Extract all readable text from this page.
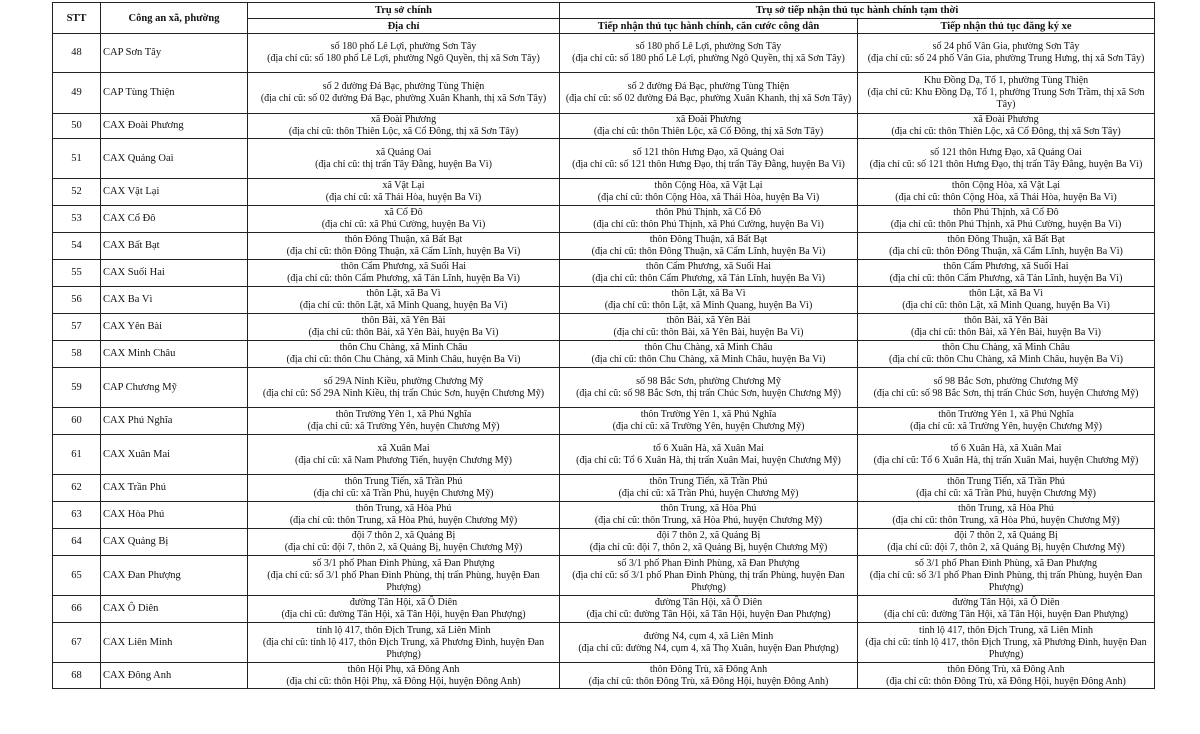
STT	Công an xã, phường	Trụ sở chính	Trụ sở tiếp nhận thủ tục hành chính tạm thời	
		Địa chỉ	Tiếp nhận thủ tục hành chính, căn cước công dân	Tiếp nhận thủ tục đăng ký xe
48	CAP Sơn Tây	số 180 phố Lê Lợi, phường Sơn Tây
(địa chỉ cũ: số 180 phố Lê Lợi, phường Ngô Quyền, thị xã Sơn Tây)	số 180 phố Lê Lợi, phường Sơn Tây
(địa chỉ cũ: số 180 phố Lê Lợi, phường Ngô Quyền, thị xã Sơn Tây)	số 24 phố Vân Gia, phường Sơn Tây
(địa chỉ cũ: số 24 phố Vân Gia, phường Trung Hưng, thị xã Sơn Tây)

49	CAP Tùng Thiện	số 2 đường Đá Bạc, phường Tùng Thiện
(địa chỉ cũ: số 02 đường Đá Bạc, phường Xuân Khanh, thị xã Sơn Tây)	số 2 đường Đá Bạc, phường Tùng Thiện
(địa chỉ cũ: số 02 đường Đá Bạc, phường Xuân Khanh, thị xã Sơn Tây)	Khu Đồng Dạ, Tổ 1, phường Tùng Thiện
(địa chỉ cũ: Khu Đồng Dạ, Tổ 1, phường Trung Sơn Trầm, thị xã Sơn Tây)

50	CAX Đoài Phương	xã Đoài Phương
(địa chỉ cũ: thôn Thiên Lộc, xã Cổ Đông, thị xã Sơn Tây)	xã Đoài Phương
(địa chỉ cũ: thôn Thiên Lộc, xã Cổ Đông, thị xã Sơn Tây)	xã Đoài Phương
(địa chỉ cũ: thôn Thiên Lộc, xã Cổ Đông, thị xã Sơn Tây)

51	CAX Quảng Oai	xã Quảng Oai
(địa chỉ cũ: thị trấn Tây Đằng, huyện Ba Vì)	số 121 thôn Hưng Đạo, xã Quảng Oai
(địa chỉ cũ: số 121 thôn Hưng Đạo, thị trấn Tây Đằng, huyện Ba Vì)	số 121 thôn Hưng Đạo, xã Quảng Oai
(địa chỉ cũ: số 121 thôn Hưng Đạo, thị trấn Tây Đằng, huyện Ba Vì)

52	CAX Vật Lại	xã Vật Lại
(địa chỉ cũ: xã Thái Hòa, huyện Ba Vì)	thôn Cộng Hòa, xã Vật Lại
(địa chỉ cũ: thôn Cộng Hòa, xã Thái Hòa, huyện Ba Vì)	thôn Cộng Hòa, xã Vật Lại
(địa chỉ cũ: thôn Cộng Hòa, xã Thái Hòa, huyện Ba Vì)

53	CAX Cổ Đô	xã Cổ Đô
(địa chỉ cũ: xã Phú Cường, huyện Ba Vì)	thôn Phú Thịnh, xã Cổ Đô
(địa chỉ cũ: thôn Phú Thịnh, xã Phú Cường, huyện Ba Vì)	thôn Phú Thịnh, xã Cổ Đô
(địa chỉ cũ: thôn Phú Thịnh, xã Phú Cường, huyện Ba Vì)

54	CAX Bất Bạt	thôn Đông Thuận, xã Bất Bạt
(địa chỉ cũ: thôn Đông Thuận, xã Cẩm Lĩnh, huyện Ba Vì)	thôn Đông Thuận, xã Bất Bạt
(địa chỉ cũ: thôn Đông Thuận, xã Cẩm Lĩnh, huyện Ba Vì)	thôn Đông Thuận, xã Bất Bạt
(địa chỉ cũ: thôn Đông Thuận, xã Cẩm Lĩnh, huyện Ba Vì)

55	CAX Suối Hai	thôn Cẩm Phương, xã Suối Hai
(địa chỉ cũ: thôn Cẩm Phương, xã Tản Lĩnh, huyện Ba Vì)	thôn Cẩm Phương, xã Suối Hai
(địa chỉ cũ: thôn Cẩm Phương, xã Tản Lĩnh, huyện Ba Vì)	thôn Cẩm Phương, xã Suối Hai
(địa chỉ cũ: thôn Cẩm Phương, xã Tản Lĩnh, huyện Ba Vì)

56	CAX Ba Vì	thôn Lặt, xã Ba Vì
(địa chỉ cũ: thôn Lặt, xã Minh Quang, huyện Ba Vì)	thôn Lặt, xã Ba Vì
(địa chỉ cũ: thôn Lặt, xã Minh Quang, huyện Ba Vì)	thôn Lặt, xã Ba Vì
(địa chỉ cũ: thôn Lặt, xã Minh Quang, huyện Ba Vì)

57	CAX Yên Bài	thôn Bài, xã Yên Bài
(địa chỉ cũ: thôn Bài, xã Yên Bài, huyện Ba Vì)	thôn Bài, xã Yên Bài
(địa chỉ cũ: thôn Bài, xã Yên Bài, huyện Ba Vì)	thôn Bài, xã Yên Bài
(địa chỉ cũ: thôn Bài, xã Yên Bài, huyện Ba Vì)

58	CAX Minh Châu	thôn Chu Chàng, xã Minh Châu
(địa chỉ cũ: thôn Chu Chàng, xã Minh Châu, huyện Ba Vì)	thôn Chu Chàng, xã Minh Châu
(địa chỉ cũ: thôn Chu Chàng, xã Minh Châu, huyện Ba Vì)	thôn Chu Chàng, xã Minh Châu
(địa chỉ cũ: thôn Chu Chàng, xã Minh Châu, huyện Ba Vì)

59	CAP Chương Mỹ	số 29A Ninh Kiều, phường Chương Mỹ
(địa chỉ cũ: Số 29A Ninh Kiều, thị trấn Chúc Sơn, huyện Chương Mỹ)	số 98 Bắc Sơn, phường Chương Mỹ
(địa chỉ cũ: số 98 Bắc Sơn, thị trấn Chúc Sơn, huyện Chương Mỹ)	số 98 Bắc Sơn, phường Chương Mỹ
(địa chỉ cũ: số 98 Bắc Sơn, thị trấn Chúc Sơn, huyện Chương Mỹ)

60	CAX Phú Nghĩa	thôn Trường Yên 1, xã Phú Nghĩa
(địa chỉ cũ: xã Trường Yên, huyện Chương Mỹ)	thôn Trường Yên 1, xã Phú Nghĩa
(địa chỉ cũ: xã Trường Yên, huyện Chương Mỹ)	thôn Trường Yên 1, xã Phú Nghĩa
(địa chỉ cũ: xã Trường Yên, huyện Chương Mỹ)

61	CAX Xuân Mai	xã Xuân Mai
(địa chỉ cũ: xã Nam Phương Tiến, huyện Chương Mỹ)	tổ 6 Xuân Hà, xã Xuân Mai
(địa chỉ cũ: Tổ 6 Xuân Hà, thị trấn Xuân Mai, huyện Chương Mỹ)	tổ 6 Xuân Hà, xã Xuân Mai
(địa chỉ cũ: Tổ 6 Xuân Hà, thị trấn Xuân Mai, huyện Chương Mỹ)

62	CAX Trần Phú	thôn Trung Tiến, xã Trần Phú
(địa chỉ cũ: xã Trần Phú, huyện Chương Mỹ)	thôn Trung Tiến, xã Trần Phú
(địa chỉ cũ: xã Trần Phú, huyện Chương Mỹ)	thôn Trung Tiến, xã Trần Phú
(địa chỉ cũ: xã Trần Phú, huyện Chương Mỹ)

63	CAX Hòa Phú	thôn Trung, xã Hòa Phú
(địa chỉ cũ: thôn Trung, xã Hòa Phú, huyện Chương Mỹ)	thôn Trung, xã Hòa Phú
(địa chỉ cũ: thôn Trung, xã Hòa Phú, huyện Chương Mỹ)	thôn Trung, xã Hòa Phú
(địa chỉ cũ: thôn Trung, xã Hòa Phú, huyện Chương Mỹ)

64	CAX Quảng Bị	đội 7 thôn 2, xã Quảng Bị
(địa chỉ cũ: đội 7, thôn 2, xã Quảng Bị, huyện Chương Mỹ)	đội 7 thôn 2, xã Quảng Bị
(địa chỉ cũ: đội 7, thôn 2, xã Quảng Bị, huyện Chương Mỹ)	đội 7 thôn 2, xã Quảng Bị
(địa chỉ cũ: đội 7, thôn 2, xã Quảng Bị, huyện Chương Mỹ)

65	CAX Đan Phượng	số 3/1 phố Phan Đình Phùng, xã Đan Phượng
(địa chỉ cũ: số 3/1 phố Phan Đình Phùng, thị trấn Phùng, huyện Đan Phượng)	số 3/1 phố Phan Đình Phùng, xã Đan Phượng
(địa chỉ cũ: số 3/1 phố Phan Đình Phùng, thị trấn Phùng, huyện Đan Phượng)	số 3/1 phố Phan Đình Phùng, xã Đan Phượng
(địa chỉ cũ: số 3/1 phố Phan Đình Phùng, thị trấn Phùng, huyện Đan Phượng)

66	CAX Ô Diên	đường Tân Hội, xã Ô Diên
(địa chỉ cũ: đường Tân Hội, xã Tân Hội, huyện Đan Phượng)	đường Tân Hội, xã Ô Diên
(địa chỉ cũ: đường Tân Hội, xã Tân Hội, huyện Đan Phượng)	đường Tân Hội, xã Ô Diên
(địa chỉ cũ: đường Tân Hội, xã Tân Hội, huyện Đan Phượng)

67	CAX Liên Minh	tỉnh lộ 417, thôn Địch Trung, xã Liên Minh
(địa chỉ cũ: tỉnh lộ 417, thôn Địch Trung, xã Phương Đình, huyện Đan Phượng)	đường N4, cụm 4, xã Liên Minh
(địa chỉ cũ: đường N4, cụm 4, xã Thọ Xuân, huyện Đan Phượng)	tỉnh lộ 417, thôn Địch Trung, xã Liên Minh
(địa chỉ cũ: tỉnh lộ 417, thôn Địch Trung, xã Phương Đình, huyện Đan Phượng)

68	CAX Đông Anh	thôn Hội Phụ, xã Đông Anh
(địa chỉ cũ: thôn Hội Phụ, xã Đông Hội, huyện Đông Anh)	thôn Đông Trù, xã Đông Anh
(địa chỉ cũ: thôn Đông Trù, xã Đông Hội, huyện Đông Anh)	thôn Đông Trù, xã Đông Anh
(địa chỉ cũ: thôn Đông Trù, xã Đông Hội, huyện Đông Anh)
